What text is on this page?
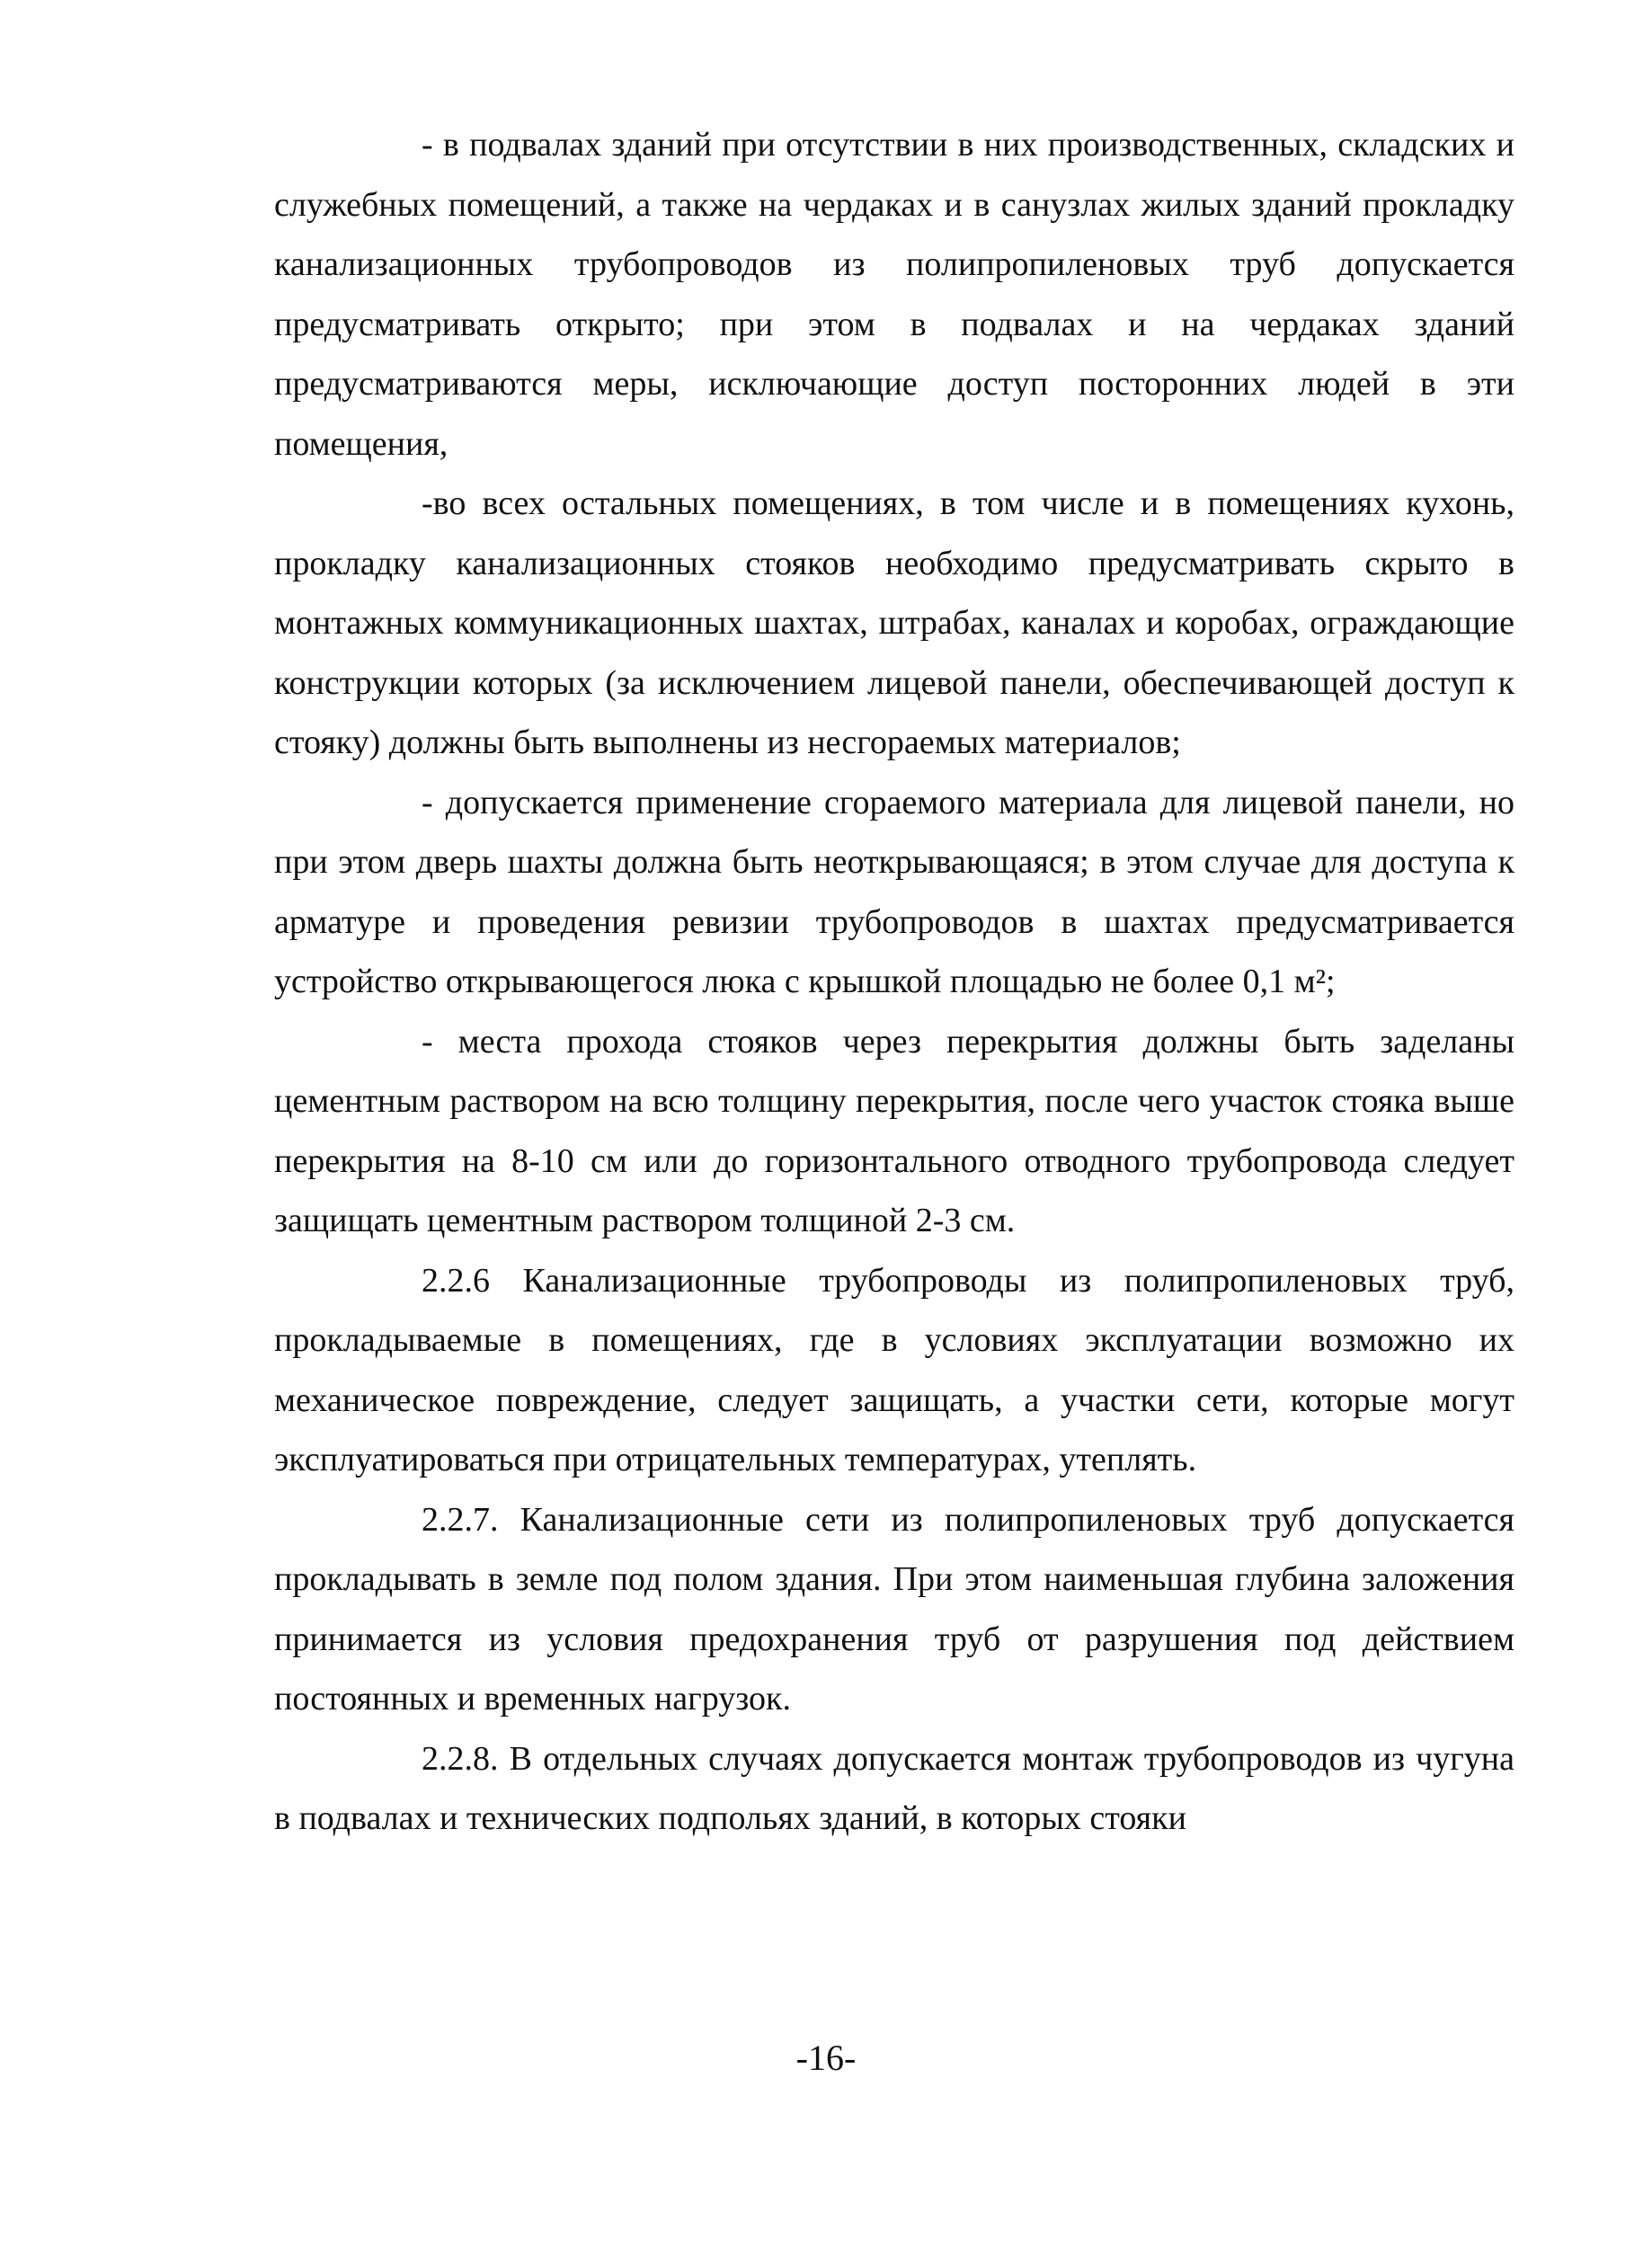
- в подвалах зданий при отсутствии в них производственных, складских и служебных помещений, а также на чердаках и в санузлах жилых зданий прокладку канализационных трубопроводов из полипропиленовых труб допускается предусматривать открыто; при этом в подвалах и на чердаках зданий предусматриваются меры, исключающие доступ посторонних людей в эти помещения,

-во всех остальных помещениях, в том числе и в помещениях кухонь, прокладку канализационных стояков необходимо предусматривать скрыто в монтажных коммуникационных шахтах, штрабах, каналах и коробах, ограждающие конструкции которых (за исключением лицевой панели, обеспечивающей доступ к стояку) должны быть выполнены из несгораемых материалов;

- допускается применение сгораемого материала для лицевой панели, но при этом дверь шахты должна быть неоткрывающаяся; в этом случае для доступа к арматуре и проведения ревизии трубопроводов в шахтах предусматривается устройство открывающегося люка с крышкой площадью не более 0,1 м²;

- места прохода стояков через перекрытия должны быть заделаны цементным раствором на всю толщину перекрытия, после чего участок стояка выше перекрытия на 8-10 см или до горизонтального отводного трубопровода следует защищать цементным раствором толщиной 2-3 см.

2.2.6 Канализационные трубопроводы из полипропиленовых труб, прокладываемые в помещениях, где в условиях эксплуатации возможно их механическое повреждение, следует защищать, а участки сети, которые могут эксплуатироваться при отрицательных температурах, утеплять.

2.2.7. Канализационные сети из полипропиленовых труб допускается прокладывать в земле под полом здания. При этом наименьшая глубина заложения принимается из условия предохранения труб от разрушения под действием постоянных и временных нагрузок.

2.2.8. В отдельных случаях допускается монтаж трубопроводов из чугуна в подвалах и технических подпольях зданий, в которых стояки

-16-
